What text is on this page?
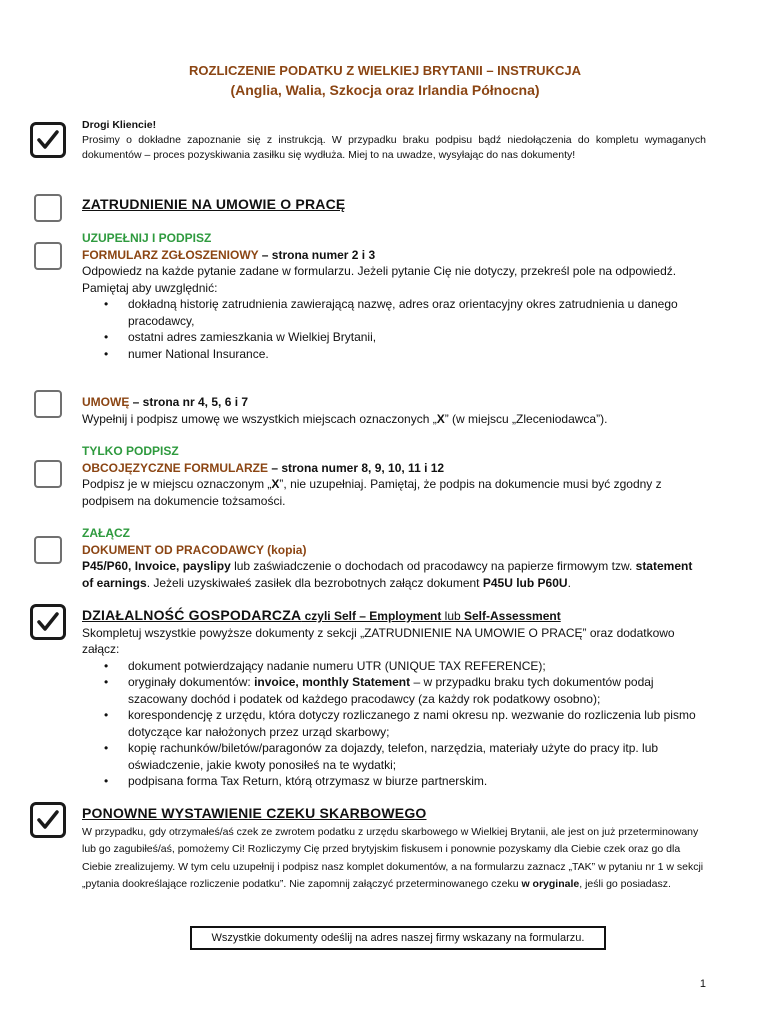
ROZLICZENIE PODATKU Z WIELKIEJ BRYTANII – INSTRUKCJA
(Anglia, Walia, Szkocja oraz Irlandia Północna)
Drogi Kliencie!
Prosimy o dokładne zapoznanie się z instrukcją. W przypadku braku podpisu bądź niedołączenia do kompletu wymaganych dokumentów – proces pozyskiwania zasiłku się wydłuża. Miej to na uwadze, wysyłając do nas dokumenty!
ZATRUDNIENIE NA UMOWIE O PRACĘ
UZUPEŁNIJ I PODPISZ
FORMULARZ ZGŁOSZENIOWY – strona numer 2 i 3
Odpowiedz na każde pytanie zadane w formularzu. Jeżeli pytanie Cię nie dotyczy, przekreśl pole na odpowiedź.
Pamiętaj aby uwzględnić:
• dokładną historię zatrudnienia zawierającą nazwę, adres oraz orientacyjny okres zatrudnienia u danego pracodawcy,
• ostatni adres zamieszkania w Wielkiej Brytanii,
• numer National Insurance.
UMOWĘ – strona nr 4, 5, 6 i 7
Wypełnij i podpisz umowę we wszystkich miejscach oznaczonych „X” (w miejscu „Zleceniodawca”).
TYLKO PODPISZ
OBCOJĘZYCZNE FORMULARZE – strona numer 8, 9, 10, 11 i 12
Podpisz je w miejscu oznaczonym „X”, nie uzupełniaj. Pamiętaj, że podpis na dokumencie musi być zgodny z podpisem na dokumencie tożsamości.
ZAŁĄCZ
DOKUMENT OD PRACODAWCY (kopia)
P45/P60, Invoice, payslipy lub zaświadczenie o dochodach od pracodawcy na papierze firmowym tzw. statement of earnings. Jeżeli uzyskiwałeś zasiłek dla bezrobotnych załącz dokument P45U lub P60U.
DZIAŁALNOŚĆ GOSPODARCZA czyli Self – Employment lub Self-Assessment
Skompletuj wszystkie powyższe dokumenty z sekcji „ZATRUDNIENIE NA UMOWIE O PRACĘ” oraz dodatkowo załącz:
• dokument potwierdzający nadanie numeru UTR (UNIQUE TAX REFERENCE);
• oryginały dokumentów: invoice, monthly Statement – w przypadku braku tych dokumentów podaj szacowany dochód i podatek od każdego pracodawcy (za każdy rok podatkowy osobno);
• korespondencję z urzędu, która dotyczy rozliczanego z nami okresu np. wezwanie do rozliczenia lub pismo dotyczące kar nałożonych przez urząd skarbowy;
• kopię rachunków/biletów/paragonów za dojazdy, telefon, narzędzia, materiały użyte do pracy itp. lub oświadczenie, jakie kwoty ponosiłeś na te wydatki;
• podpisana forma Tax Return, którą otrzymasz w biurze partnerskim.
PONOWNE WYSTAWIENIE CZEKU SKARBOWEGO
W przypadku, gdy otrzymałeś/aś czek ze zwrotem podatku z urzędu skarbowego w Wielkiej Brytanii, ale jest on już przeterminowany lub go zagubiłeś/aś, pomożemy Ci! Rozliczymy Cię przed brytyjskim fiskusem i ponownie pozyskamy dla Ciebie czek oraz go dla Ciebie zrealizujemy. W tym celu uzupełnij i podpisz nasz komplet dokumentów, a na formularzu zaznacz „TAK” w pytaniu nr 1 w sekcji „pytania dookreślające rozliczenie podatku”. Nie zapomnij załączyć przeterminowanego czeku w oryginale, jeśli go posiadasz.
Wszystkie dokumenty odeślij na adres naszej firmy wskazany na formularzu.
1
